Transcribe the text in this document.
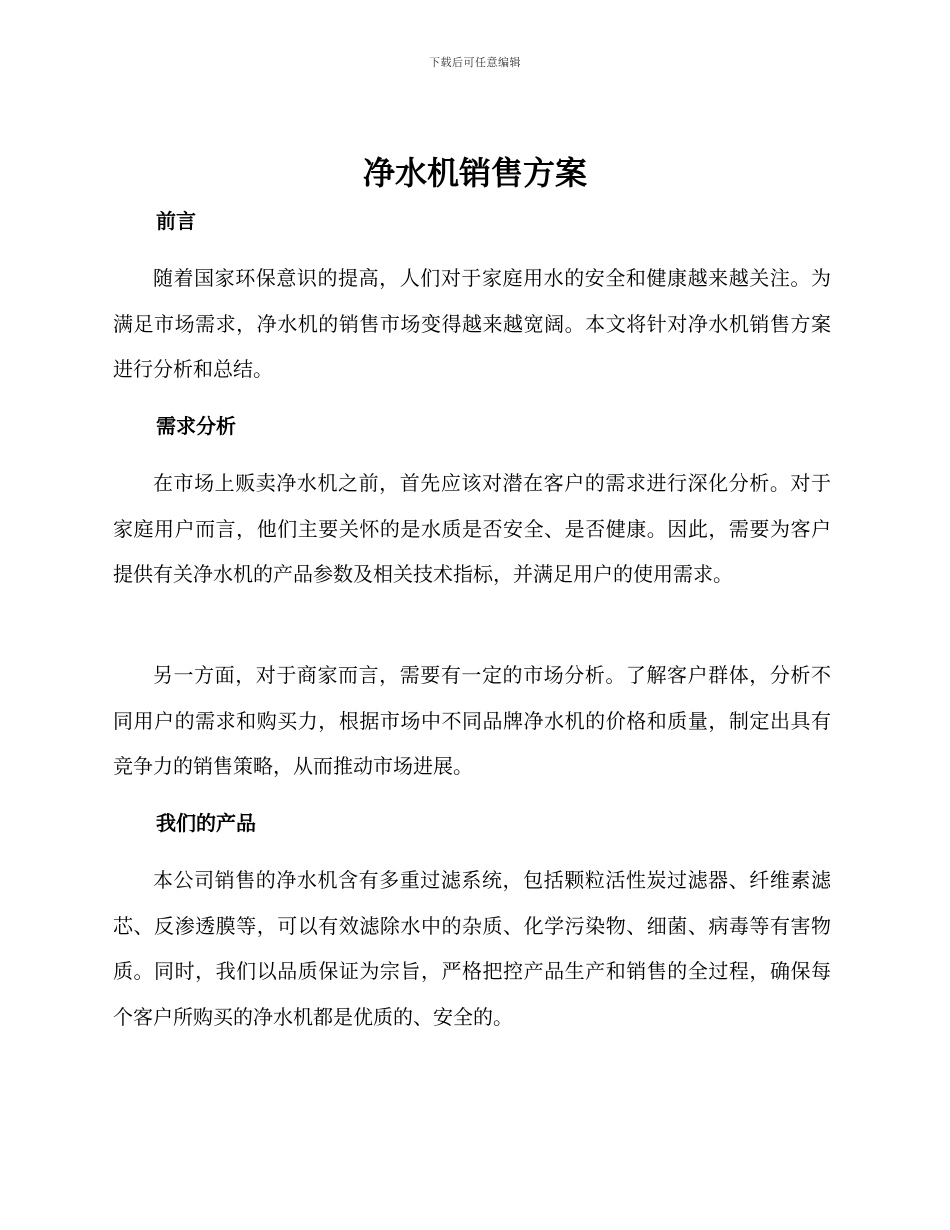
下载后可任意编辑
净水机销售方案
前言

随着国家环保意识的提高，人们对于家庭用水的安全和健康越来越关注。为满足市场需求，净水机的销售市场变得越来越宽阔。本文将针对净水机销售方案进行分析和总结。

需求分析

在市场上贩卖净水机之前，首先应该对潜在客户的需求进行深化分析。对于家庭用户而言，他们主要关怀的是水质是否安全、是否健康。因此，需要为客户提供有关净水机的产品参数及相关技术指标，并满足用户的使用需求。

另一方面，对于商家而言，需要有一定的市场分析。了解客户群体，分析不同用户的需求和购买力，根据市场中不同品牌净水机的价格和质量，制定出具有竞争力的销售策略，从而推动市场进展。

我们的产品

本公司销售的净水机含有多重过滤系统，包括颗粒活性炭过滤器、纤维素滤芯、反渗透膜等，可以有效滤除水中的杂质、化学污染物、细菌、病毒等有害物质。同时，我们以品质保证为宗旨，严格把控产品生产和销售的全过程，确保每个客户所购买的净水机都是优质的、安全的。
